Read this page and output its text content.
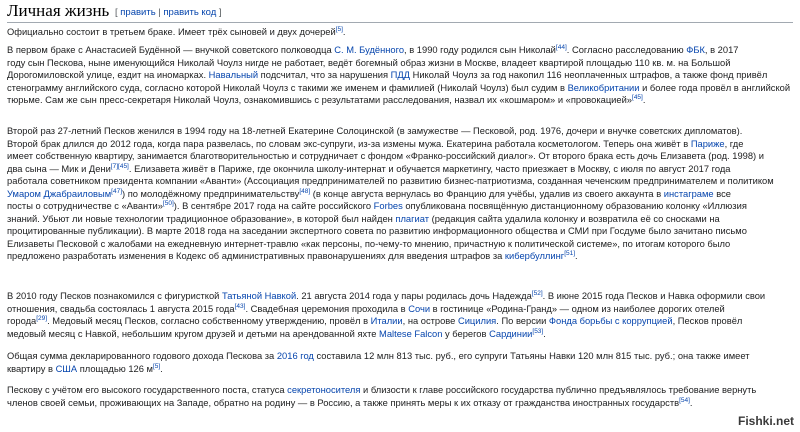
Личная жизнь [ править | править код ]

Официально состоит в третьем браке. Имеет трёх сыновей и двух дочерей[5].

В первом браке с Анастасией Будённой — внучкой советского полководца С. М. Будённого, в 1990 году родился сын Николай[44]. Согласно расследованию ФБК, в 2017
году сын Пескова, ныне именующийся Николай Чоулз нигде не работает, ведёт богемный образ жизни в Москве, владеет квартирой площадью 110 кв. м. на Большой
Дорогомиловской улице, ездит на иномарках. Навальный подсчитал, что за нарушения ПДД Николай Чоулз за год накопил 116 неоплаченных штрафов, а также фонд привёл
стенограмму английского суда, согласно которой Николай Чоулз с такими же именем и фамилией (Николай Чоулз) был судим в Великобритании и более года провёл в английской
тюрьме. Сам же сын пресс-секретаря Николай Чоулз, ознакомившись с результатами расследования, назвал их «кошмаром» и «провокацией»[45].

Второй раз 27-летний Песков женился в 1994 году на 18-летней Екатерине Солоцинской (в замужестве — Песковой, род. 1976, дочери и внучке советских дипломатов).
Второй брак длился до 2012 года, когда пара развелась, по словам экс-супруги, из-за измены мужа. Екатерина работала косметологом. Теперь она живёт в Париже, где
имеет собственную квартиру, занимается благотворительностью и сотрудничает с фондом «Франко-российский диалог». От второго брака есть дочь Елизавета (род. 1998) и
два сына — Мик и Дени[7][45]. Елизавета живёт в Париже, где окончила школу-интернат и обучается маркетингу, часто приезжает в Москву, с июля по август 2017 года
работала советником президента компании «Аванти» (Ассоциация предпринимателей по развитию бизнес-патриотизма, созданная чеченским предпринимателем и политиком
Умаром Джабраиловым[47]) по молодёжному предпринимательству[48] (в конце августа вернулась во Францию для учёбы, удалив из своего аккаунта в инстаграме все
посты о сотрудничестве с «Аванти»[50]). В сентябре 2017 года на сайте российского Forbes опубликована посвящённую дистанционному образованию колонку «Иллюзия
знаний. Убьют ли новые технологии традиционное образование», в которой был найден плагиат (редакция сайта удалила колонку и возвратила её со сносками на
процитированные публикации). В марте 2018 года на заседании экспертного совета по развитию информационного общества и СМИ при Госдуме было зачитано письмо
Елизаветы Песковой с жалобами на ежедневную интернет-травлю «как персоны, по-чему-то мнению, причастную к политической системе», по итогам которого было
предложено разработать изменения в Кодекс об административных правонарушениях для введения штрафов за кибербуллинг[51].

В 2010 году Песков познакомился с фигуристкой Татьяной Навкой. 21 августа 2014 года у пары родилась дочь Надежда[52]. В июне 2015 года Песков и Навка оформили свои
отношения, свадьба состоялась 1 августа 2015 года[43]. Свадебная церемония проходила в Сочи в гостинице «Родина-Гранд» — одном из наиболее дорогих отелей
города[29]. Медовый месяц Песков, согласно собственному утверждению, провёл в Италии, на острове Сицилия. По версии Фонда борьбы с коррупцией, Песков провёл
медовый месяц с Навкой, небольшим кругом друзей и детьми на арендованной яхте Maltese Falcon у берегов Сардинии[53].

Общая сумма декларированного годового дохода Пескова за 2016 год составила 12 млн 813 тыс. руб., его супруги Татьяны Навки 120 млн 815 тыс. руб.; она также имеет
квартиру в США площадью 126 м[5].

Пескову с учётом его высокого государственного поста, статуса секретоносителя и близости к главе российского государства публично предъявлялось требование вернуть
членов своей семьи, проживающих на Западе, обратно на родину — в Россию, а также принять меры к их отказу от гражданства иностранных государств[54].

Fishki.net
